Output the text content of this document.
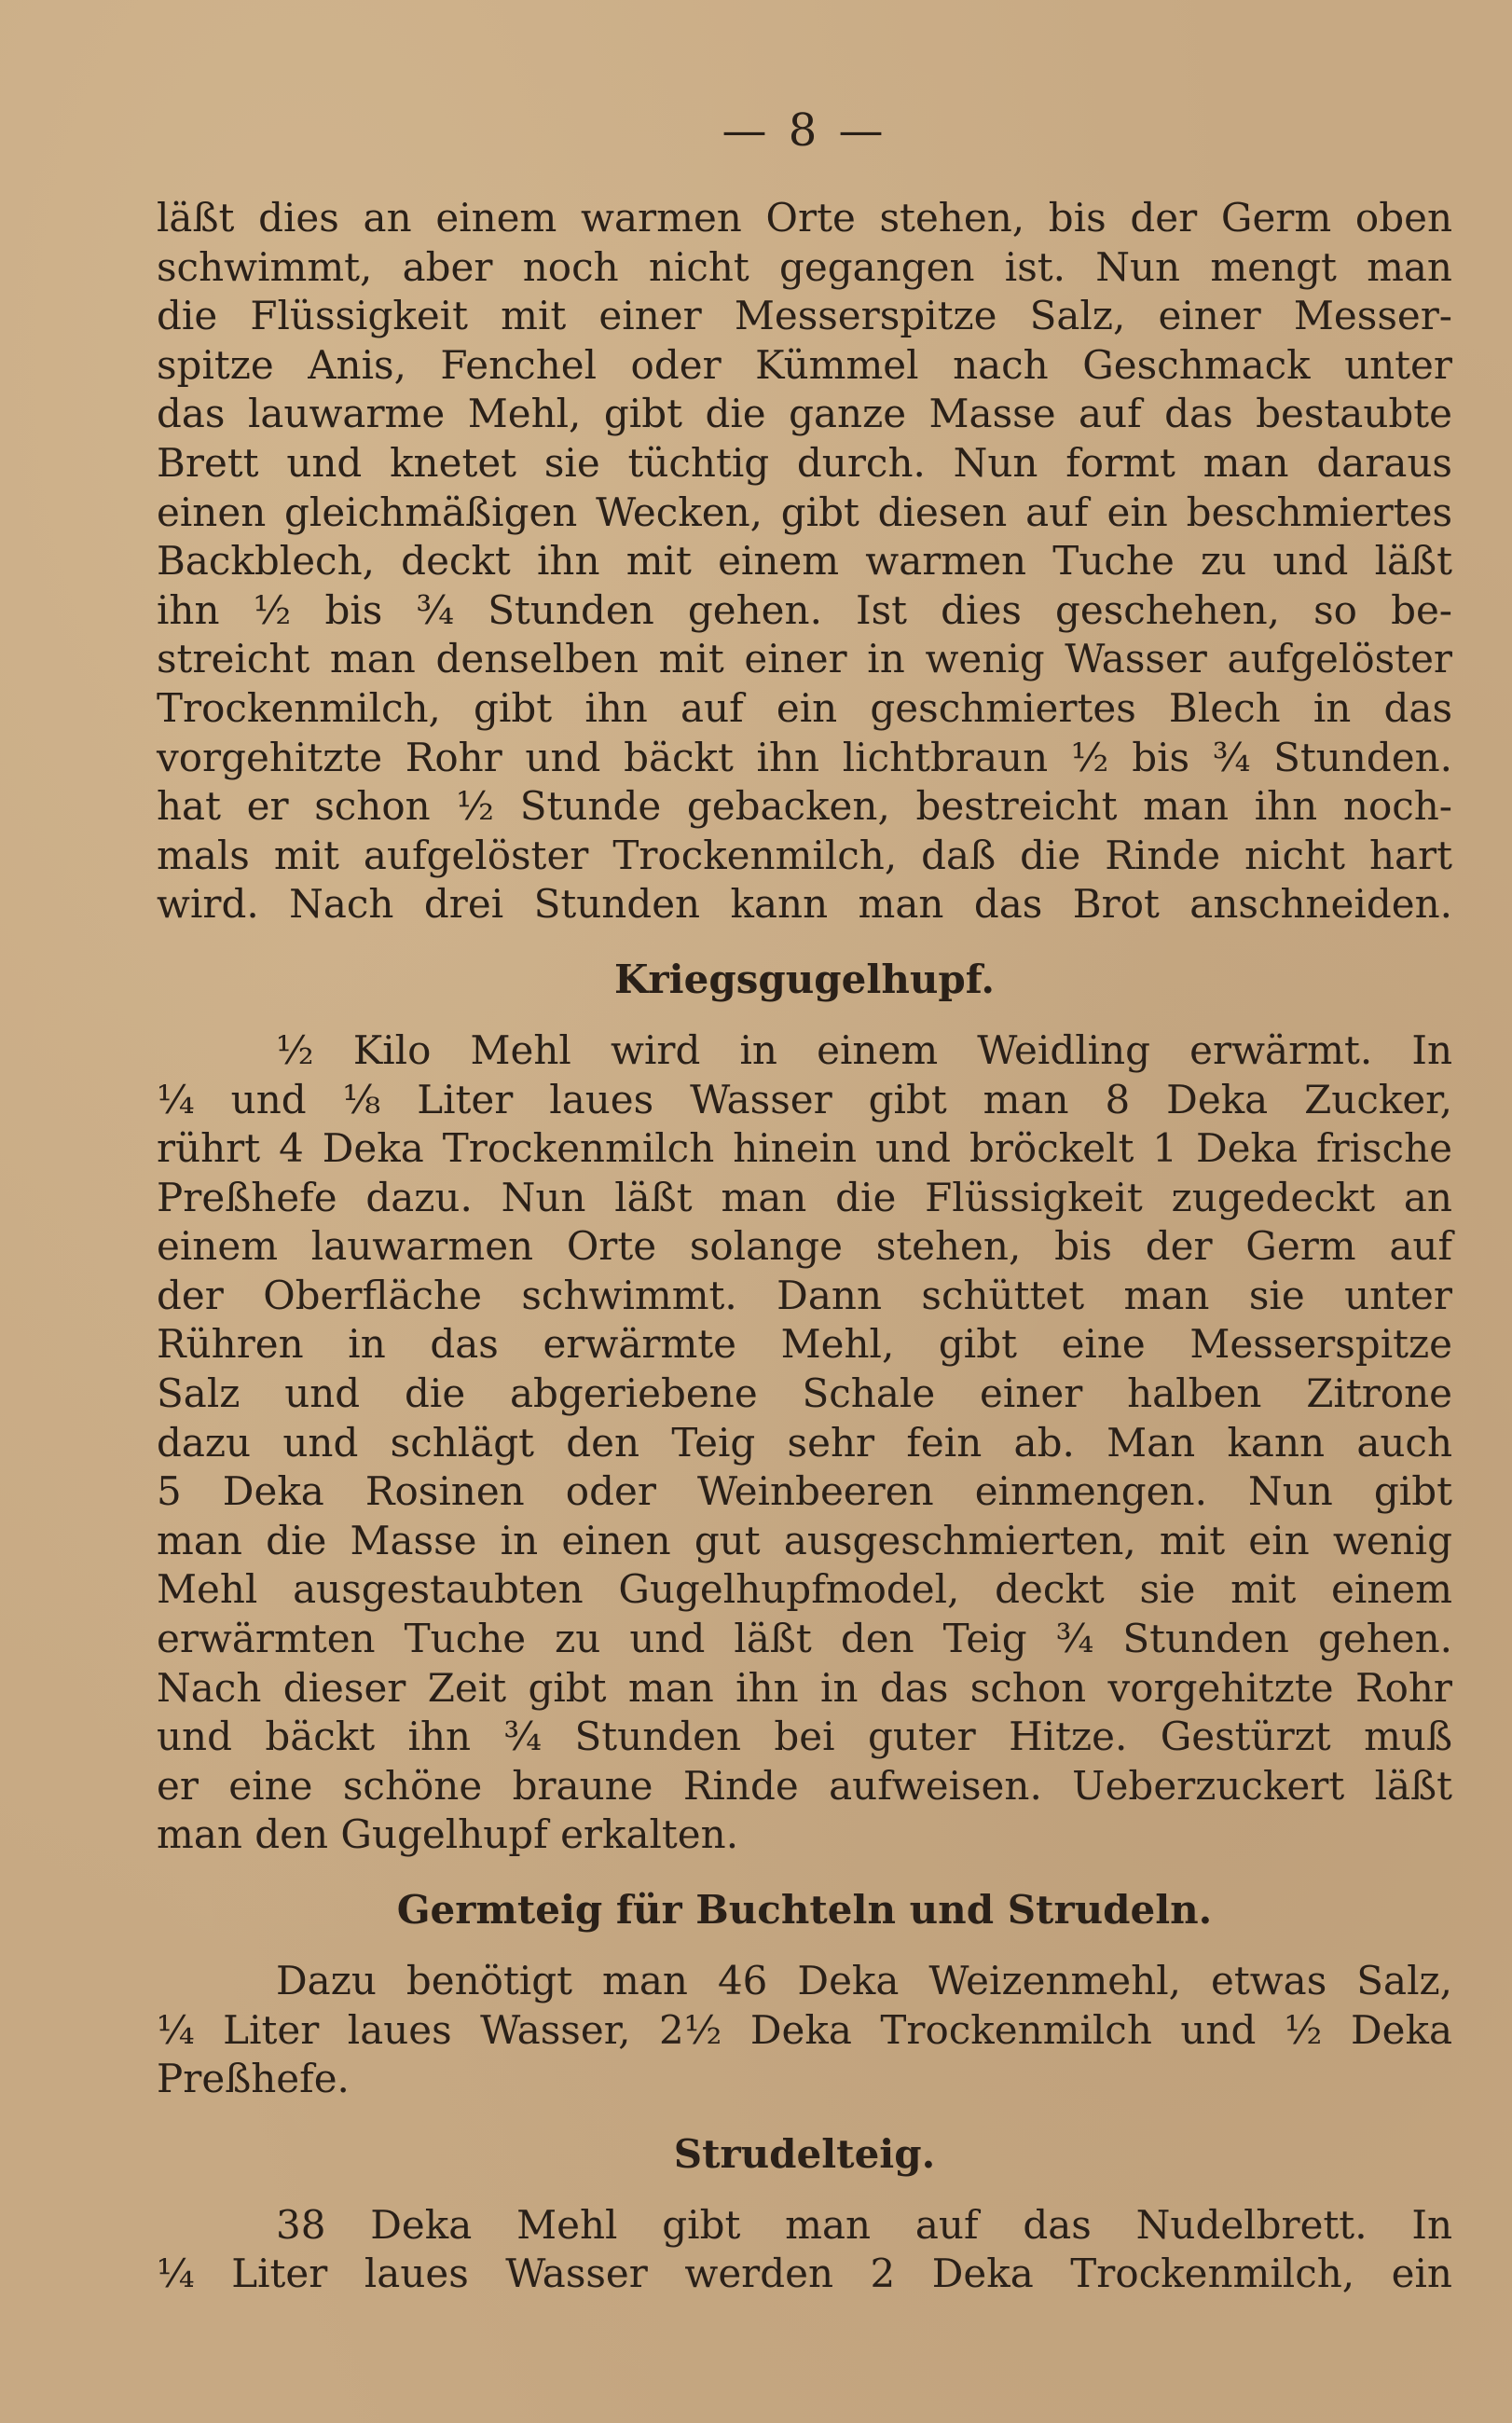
— 8 —

läßt dies an einem warmen Orte stehen, bis der Germ oben
schwimmt, aber noch nicht gegangen ist. Nun mengt man
die Flüssigkeit mit einer Messerspitze Salz, einer Messer-
spitze Anis, Fenchel oder Kümmel nach Geschmack unter
das lauwarme Mehl, gibt die ganze Masse auf das bestaubte
Brett und knetet sie tüchtig durch. Nun formt man daraus
einen gleichmäßigen Wecken, gibt diesen auf ein beschmiertes
Backblech, deckt ihn mit einem warmen Tuche zu und läßt
ihn ½ bis ¾ Stunden gehen. Ist dies geschehen, so be-
streicht man denselben mit einer in wenig Wasser aufgelöster
Trockenmilch, gibt ihn auf ein geschmiertes Blech in das
vorgehitzte Rohr und bäckt ihn lichtbraun ½ bis ¾ Stunden.
hat er schon ½ Stunde gebacken, bestreicht man ihn noch-
mals mit aufgelöster Trockenmilch, daß die Rinde nicht hart
wird. Nach drei Stunden kann man das Brot anschneiden.

Kriegsgugelhupf.

½ Kilo Mehl wird in einem Weidling erwärmt. In
¼ und ⅛ Liter laues Wasser gibt man 8 Deka Zucker,
rührt 4 Deka Trockenmilch hinein und bröckelt 1 Deka frische
Preßhefe dazu. Nun läßt man die Flüssigkeit zugedeckt an
einem lauwarmen Orte solange stehen, bis der Germ auf
der Oberfläche schwimmt. Dann schüttet man sie unter
Rühren in das erwärmte Mehl, gibt eine Messerspitze
Salz und die abgeriebene Schale einer halben Zitrone
dazu und schlägt den Teig sehr fein ab. Man kann auch
5 Deka Rosinen oder Weinbeeren einmengen. Nun gibt
man die Masse in einen gut ausgeschmierten, mit ein wenig
Mehl ausgestaubten Gugelhupfmodel, deckt sie mit einem
erwärmten Tuche zu und läßt den Teig ¾ Stunden gehen.
Nach dieser Zeit gibt man ihn in das schon vorgehitzte Rohr
und bäckt ihn ¾ Stunden bei guter Hitze. Gestürzt muß
er eine schöne braune Rinde aufweisen. Ueberzuckert läßt
man den Gugelhupf erkalten.

Germteig für Buchteln und Strudeln.

Dazu benötigt man 46 Deka Weizenmehl, etwas Salz,
¼ Liter laues Wasser, 2½ Deka Trockenmilch und ½ Deka
Preßhefe.

Strudelteig.

38 Deka Mehl gibt man auf das Nudelbrett. In
¼ Liter laues Wasser werden 2 Deka Trockenmilch, ein
